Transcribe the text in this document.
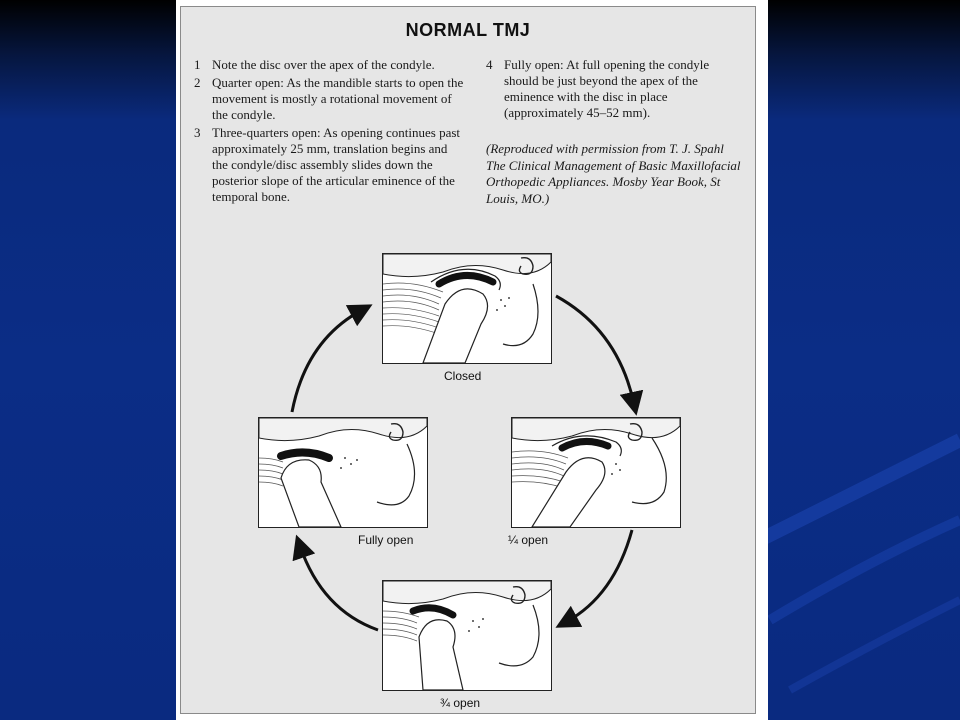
NORMAL TMJ
1 Note the disc over the apex of the condyle.
2 Quarter open: As the mandible starts to open the movement is mostly a rotational movement of the condyle.
3 Three-quarters open: As opening continues past approximately 25 mm, translation begins and the condyle/disc assembly slides down the posterior slope of the articular eminence of the temporal bone.
4 Fully open: At full opening the condyle should be just beyond the apex of the eminence with the disc in place (approximately 45–52 mm).
(Reproduced with permission from T. J. Spahl The Clinical Management of Basic Maxillofacial Orthopedic Appliances. Mosby Year Book, St Louis, MO.)
Closed
¼ open
¾ open
Fully open
